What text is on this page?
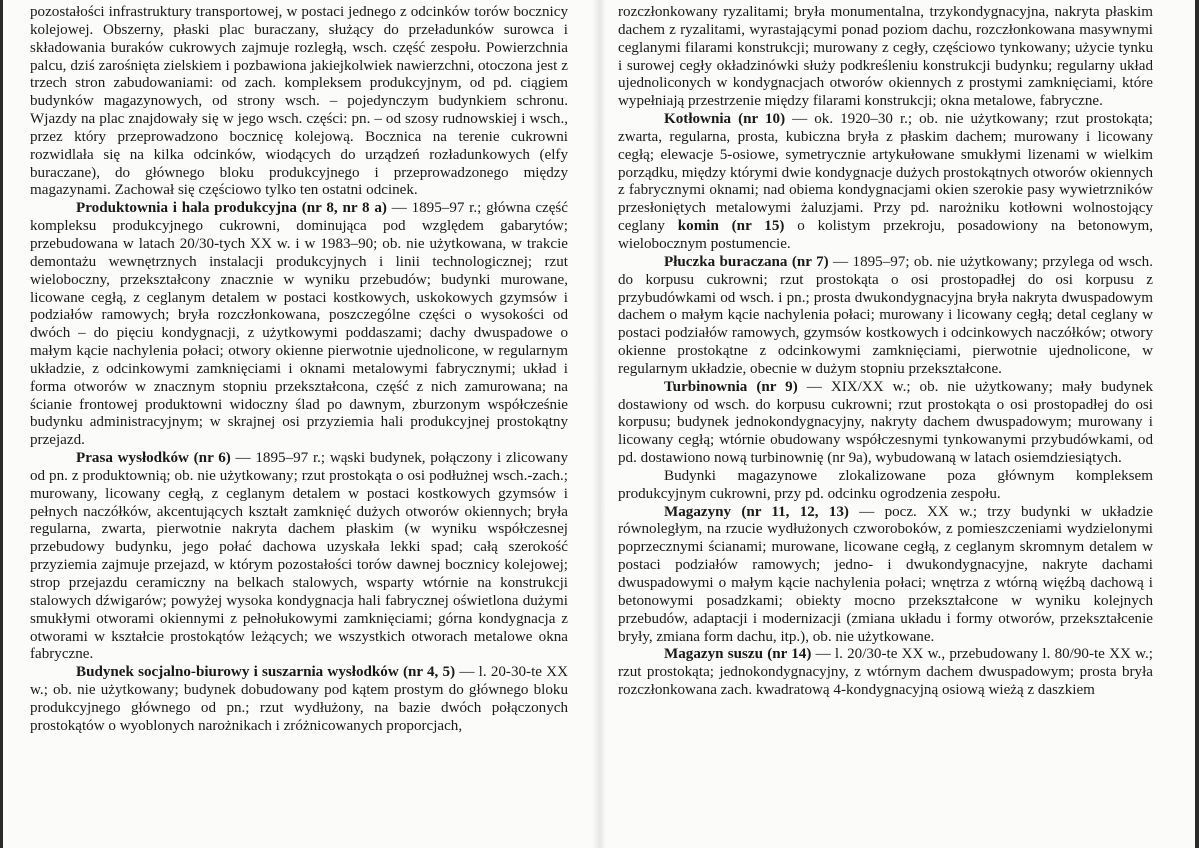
pozostałości infrastruktury transportowej, w postaci jednego z odcinków torów bocznicy kolejowej. Obszerny, płaski plac buraczany, służący do przeładunków surowca i składowania buraków cukrowych zajmuje rozległą, wsch. część zespołu. Powierzchnia palcu, dziś zarośnięta zielskiem i pozbawiona jakiejkolwiek nawierzchni, otoczona jest z trzech stron zabudowaniami: od zach. kompleksem produkcyjnym, od pd. ciągiem budynków magazynowych, od strony wsch. – pojedynczym budynkiem schronu. Wjazdy na plac znajdowały się w jego wsch. części: pn. – od szosy rudnowskiej i wsch., przez który przeprowadzono bocznicę kolejową. Bocznica na terenie cukrowni rozwidlała się na kilka odcinków, wiodących do urządzeń rozładunkowych (elfy buraczane), do głównego bloku produkcyjnego i przeprowadzonego między magazynami. Zachował się częściowo tylko ten ostatni odcinek.

Produktownia i hala produkcyjna (nr 8, nr 8 a) — 1895–97 r.; główna część kompleksu produkcyjnego cukrowni, dominująca pod względem gabarytów; przebudowana w latach 20/30-tych XX w. i w 1983–90; ob. nie użytkowana, w trakcie demontażu wewnętrznych instalacji produkcyjnych i linii technologicznej; rzut wieloboczny, przekształcony znacznie w wyniku przebudów; budynki murowane, licowane cegłą, z ceglanym detalem w postaci kostkowych, uskokowych gzymsów i podziałów ramowych; bryła rozczłonkowana, poszczególne części o wysokości od dwóch – do pięciu kondygnacji, z użytkowymi poddaszami; dachy dwuspadowe o małym kącie nachylenia połaci; otwory okienne pierwotnie ujednolicone, w regularnym układzie, z odcinkowymi zamknięciami i oknami metalowymi fabrycznymi; układ i forma otworów w znacznym stopniu przekształcona, część z nich zamurowana; na ścianie frontowej produktowni widoczny ślad po dawnym, zburzonym współcześnie budynku administracyjnym; w skrajnej osi przyziemia hali produkcyjnej prostokątny przejazd.

Prasa wysłodków (nr 6) — 1895–97 r.; wąski budynek, połączony i zlicowany od pn. z produktownią; ob. nie użytkowany; rzut prostokąta o osi podłużnej wsch.-zach.; murowany, licowany cegłą, z ceglanym detalem w postaci kostkowych gzymsów i pełnych naczółków, akcentujących kształt zamknięć dużych otworów okiennych; bryła regularna, zwarta, pierwotnie nakryta dachem płaskim (w wyniku współczesnej przebudowy budynku, jego połać dachowa uzyskała lekki spad; całą szerokość przyziemia zajmuje przejazd, w którym pozostałości torów dawnej bocznicy kolejowej; strop przejazdu ceramiczny na belkach stalowych, wsparty wtórnie na konstrukcji stalowych dźwigarów; powyżej wysoka kondygnacja hali fabrycznej oświetlona dużymi smukłymi otworami okiennymi z pełnołukowymi zamknięciami; górna kondygnacja z otworami w kształcie prostokątów leżących; we wszystkich otworach metalowe okna fabryczne.

Budynek socjalno-biurowy i suszarnia wysłodków (nr 4, 5) — l. 20-30-te XX w.; ob. nie użytkowany; budynek dobudowany pod kątem prostym do głównego bloku produkcyjnego głównego od pn.; rzut wydłużony, na bazie dwóch połączonych prostokątów o wyoblonych narożnikach i zróżnicowanych proporcjach,

rozczłonkowany ryzalitami; bryła monumentalna, trzykondygnacyjna, nakryta płaskim dachem z ryzalitami, wyrastającymi ponad poziom dachu, rozczłonkowana masywnymi ceglanymi filarami konstrukcji; murowany z cegły, częściowo tynkowany; użycie tynku i surowej cegły okładzinówki służy podkreśleniu konstrukcji budynku; regularny układ ujednoliconych w kondygnacjach otworów okiennych z prostymi zamknięciami, które wypełniają przestrzenie między filarami konstrukcji; okna metalowe, fabryczne.

Kotłownia (nr 10) — ok. 1920–30 r.; ob. nie użytkowany; rzut prostokąta; zwarta, regularna, prosta, kubiczna bryła z płaskim dachem; murowany i licowany cegłą; elewacje 5-osiowe, symetrycznie artykułowane smukłymi lizenami w wielkim porządku, między którymi dwie kondygnacje dużych prostokątnych otworów okiennych z fabrycznymi oknami; nad obiema kondygnacjami okien szerokie pasy wywietrzników przesłoniętych metalowymi żaluzjami. Przy pd. narożniku kotłowni wolnostojący ceglany komin (nr 15) o kolistym przekroju, posadowiony na betonowym, wielobocznym postumencie.

Płuczka buraczana (nr 7) — 1895–97; ob. nie użytkowany; przylega od wsch. do korpusu cukrowni; rzut prostokąta o osi prostopadłej do osi korpusu z przybudówkami od wsch. i pn.; prosta dwukondygnacyjna bryła nakryta dwuspadowym dachem o małym kącie nachylenia połaci; murowany i licowany cegłą; detal ceglany w postaci podziałów ramowych, gzymsów kostkowych i odcinkowych naczółków; otwory okienne prostokątne z odcinkowymi zamknięciami, pierwotnie ujednolicone, w regularnym układzie, obecnie w dużym stopniu przekształcone.

Turbinownia (nr 9) — XIX/XX w.; ob. nie użytkowany; mały budynek dostawiony od wsch. do korpusu cukrowni; rzut prostokąta o osi prostopadłej do osi korpusu; budynek jednokondygnacyjny, nakryty dachem dwuspadowym; murowany i licowany cegłą; wtórnie obudowany współczesnymi tynkowanymi przybudówkami, od pd. dostawiono nową turbinownię (nr 9a), wybudowaną w latach osiemdziesiątych.

Budynki magazynowe zlokalizowane poza głównym kompleksem produkcyjnym cukrowni, przy pd. odcinku ogrodzenia zespołu.

Magazyny (nr 11, 12, 13) — pocz. XX w.; trzy budynki w układzie równoległym, na rzucie wydłużonych czworoboków, z pomieszczeniami wydzielonymi poprzecznymi ścianami; murowane, licowane cegłą, z ceglanym skromnym detalem w postaci podziałów ramowych; jedno- i dwukondygnacyjne, nakryte dachami dwuspadowymi o małym kącie nachylenia połaci; wnętrza z wtórną więźbą dachową i betonowymi posadzkami; obiekty mocno przekształcone w wyniku kolejnych przebudów, adaptacji i modernizacji (zmiana układu i formy otworów, przekształcenie bryły, zmiana form dachu, itp.), ob. nie użytkowane.

Magazyn suszu (nr 14) — l. 20/30-te XX w., przebudowany l. 80/90-te XX w.; rzut prostokąta; jednokondygnacyjny, z wtórnym dachem dwuspadowym; prosta bryła rozczłonkowana zach. kwadratową 4-kondygnacyjną osiową wieżą z daszkiem
